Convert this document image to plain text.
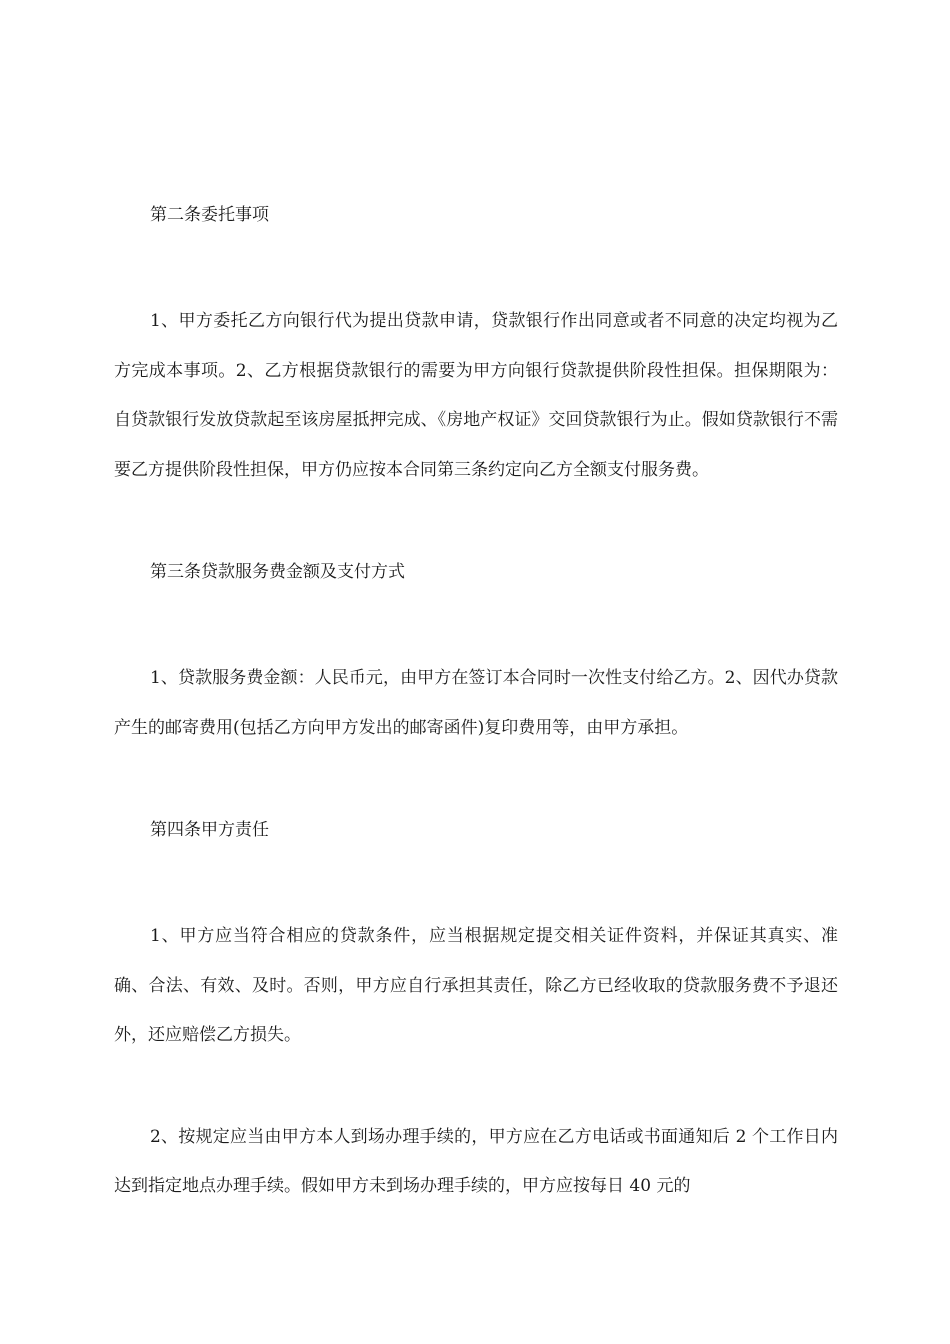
第二条委托事项

1、甲方委托乙方向银行代为提出贷款申请，贷款银行作出同意或者不同意的决定均视为乙方完成本事项。2、乙方根据贷款银行的需要为甲方向银行贷款提供阶段性担保。担保期限为：自贷款银行发放贷款起至该房屋抵押完成、《房地产权证》交回贷款银行为止。假如贷款银行不需要乙方提供阶段性担保，甲方仍应按本合同第三条约定向乙方全额支付服务费。

第三条贷款服务费金额及支付方式

1、贷款服务费金额：人民币元，由甲方在签订本合同时一次性支付给乙方。2、因代办贷款产生的邮寄费用(包括乙方向甲方发出的邮寄函件)复印费用等，由甲方承担。

第四条甲方责任

1、甲方应当符合相应的贷款条件，应当根据规定提交相关证件资料，并保证其真实、准确、合法、有效、及时。否则，甲方应自行承担其责任，除乙方已经收取的贷款服务费不予退还外，还应赔偿乙方损失。

2、按规定应当由甲方本人到场办理手续的，甲方应在乙方电话或书面通知后 2 个工作日内达到指定地点办理手续。假如甲方未到场办理手续的，甲方应按每日 40 元的
